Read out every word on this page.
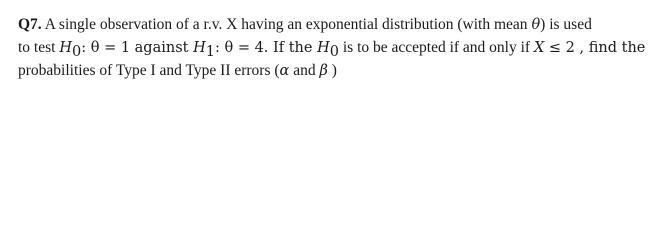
Q7. A single observation of a r.v. X having an exponential distribution (with mean θ) is used
to test $H_0$: θ = 1 against $H_1$: θ = 4. If the $H_0$ is to be accepted if and only if X ≤ 2 , find the
probabilities of Type I and Type II errors (α and β )
